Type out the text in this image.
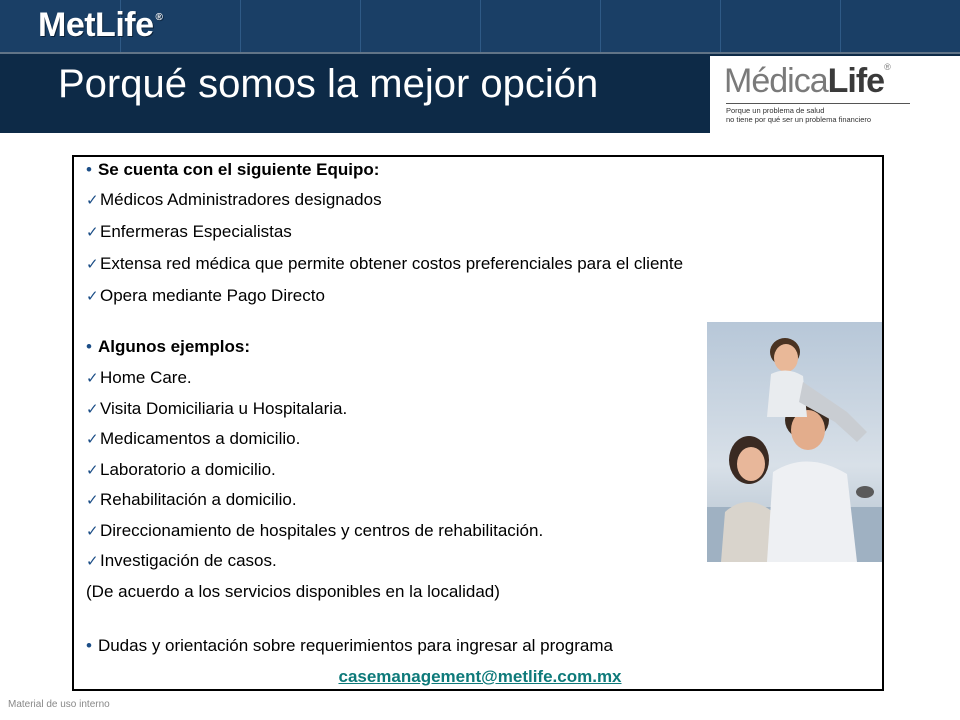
MetLife ®
Porqué somos la mejor opción	MédicaLife®
Porque un problema de salud
no tiene por qué ser un problema financiero
• Se cuenta con el siguiente Equipo:
✓Médicos Administradores designados
✓Enfermeras Especialistas
✓Extensa red médica que permite obtener costos preferenciales para el cliente
✓Opera mediante Pago Directo
• Algunos ejemplos:
✓Home Care.
✓Visita Domiciliaria u Hospitalaria.
✓Medicamentos a domicilio.
✓Laboratorio a domicilio.
✓Rehabilitación a domicilio.
✓Direccionamiento de hospitales y centros de rehabilitación.
✓Investigación de casos.
(De acuerdo a los servicios disponibles en la localidad)
• Dudas y orientación sobre requerimientos para ingresar al programa
casemanagement@metlife.com.mx
Material de uso interno
